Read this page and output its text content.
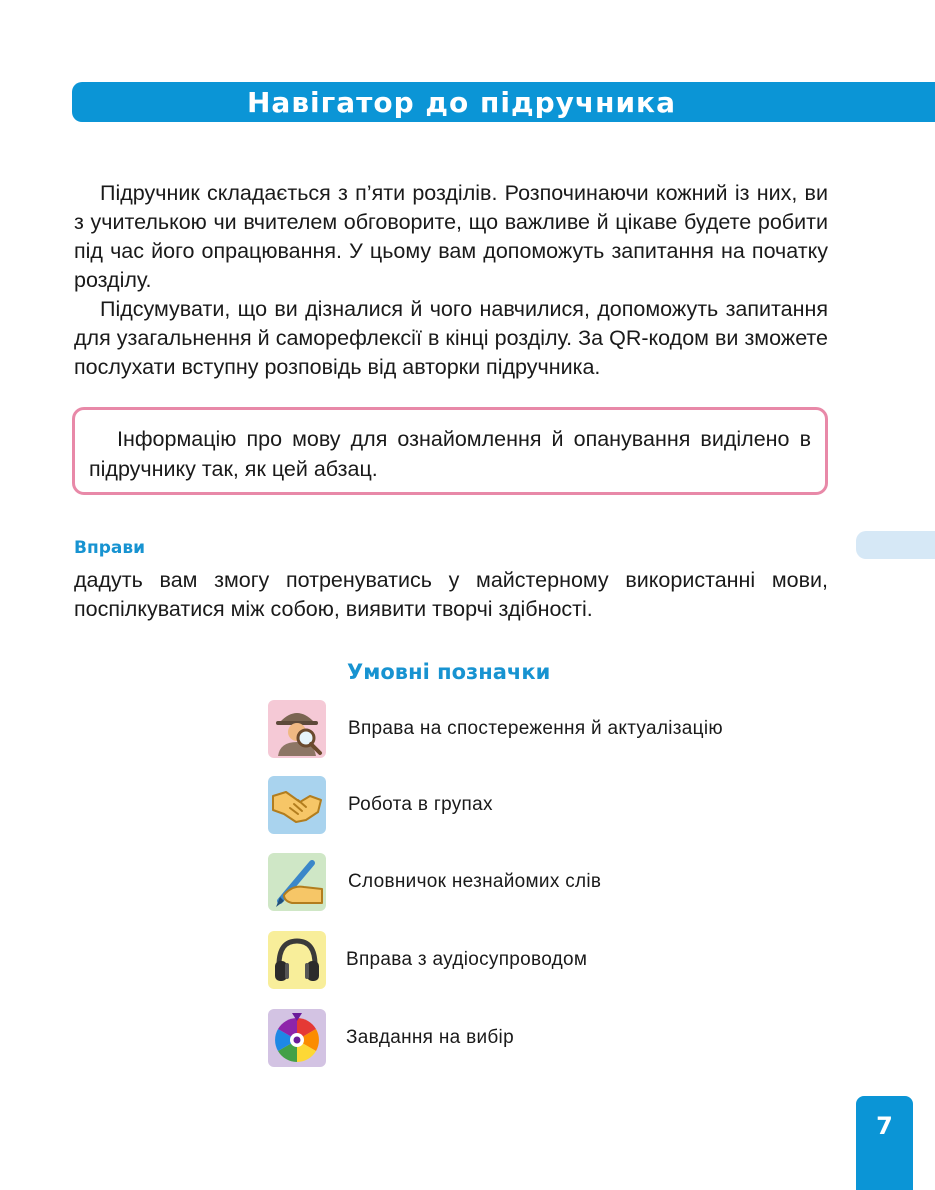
Навігатор до підручника

Підручник складається з п’яти розділів. Розпочинаючи кожний із них, ви з учителькою чи вчителем обговорите, що важливе й цікаве будете робити під час його опрацювання. У цьому вам допоможуть запитання на початку розділу.

Підсумувати, що ви дізналися й чого навчилися, допоможуть запитання для узагальнення й саморефлексії в кінці розділу. За QR-кодом ви зможете послухати вступну розповідь від авторки підручника.

Інформацію про мову для ознайомлення й опанування виділено в підручнику так, як цей абзац.

Вправи

дадуть вам змогу потренуватись у майстерному використанні мови, поспілкуватися між собою, виявити творчі здібності.

Умовні позначки
Вправа на спостереження й актуалізацію
Робота в групах
Словничок незнайомих слів
Вправа з аудіосупроводом
Завдання на вибір
7
